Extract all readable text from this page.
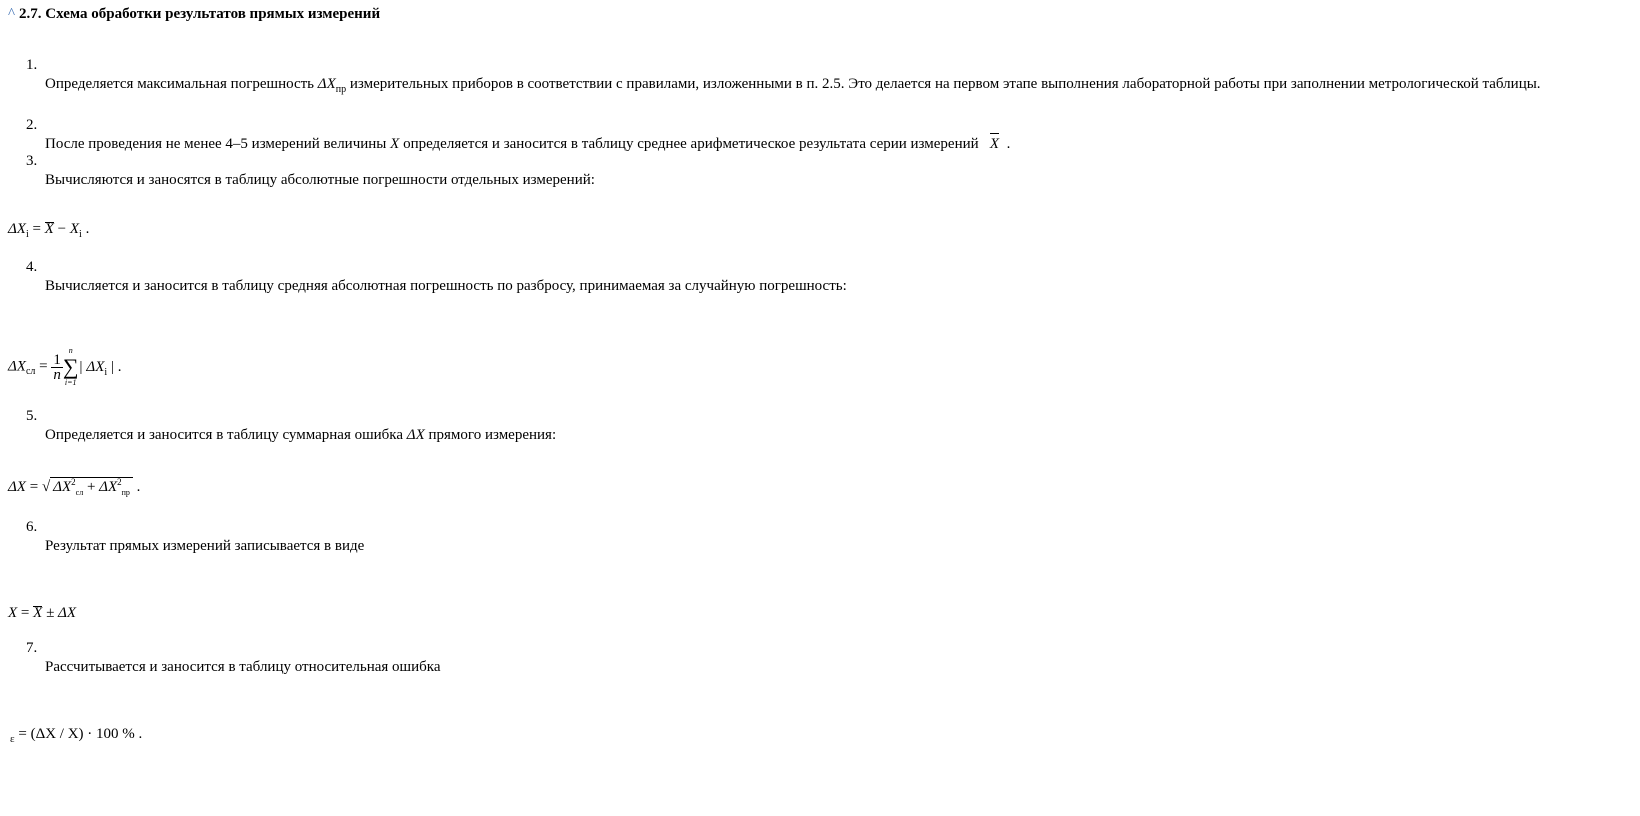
^ 2.7. Схема обработки результатов прямых измерений
1.
Определяется максимальная погрешность $\Delta X_{пр}$ измерительных приборов в соответствии с правилами, изложенными в п. 2.5. Это делается на первом этапе выполнения лабораторной работы при заполнении метрологической таблицы.
2.
После проведения не менее 4–5 измерений величины X определяется и заносится в таблицу среднее арифметическое результата серии измерений X .
3.
Вычисляются и заносятся в таблицу абсолютные погрешности отдельных измерений:
$\Delta X_i = X - X_i$ .
4.
Вычисляется и заносится в таблицу средняя абсолютная погрешность по разбросу, принимаемая за случайную погрешность:
$\Delta X_{сл} = \frac{1}{n}$
n
∑
i=1
| $\Delta X_i$ | .
5.
Определяется и заносится в таблицу суммарная ошибка ΔX прямого измерения:
ΔX = √ $\Delta X^2_{сл} + \Delta X^2_{пр}$ .
6.
Результат прямых измерений записывается в виде
X = X ± ΔX
7.
Рассчитывается и заносится в таблицу относительная ошибка
$_\varepsilon$ = (ΔX / X) · 100 % .
